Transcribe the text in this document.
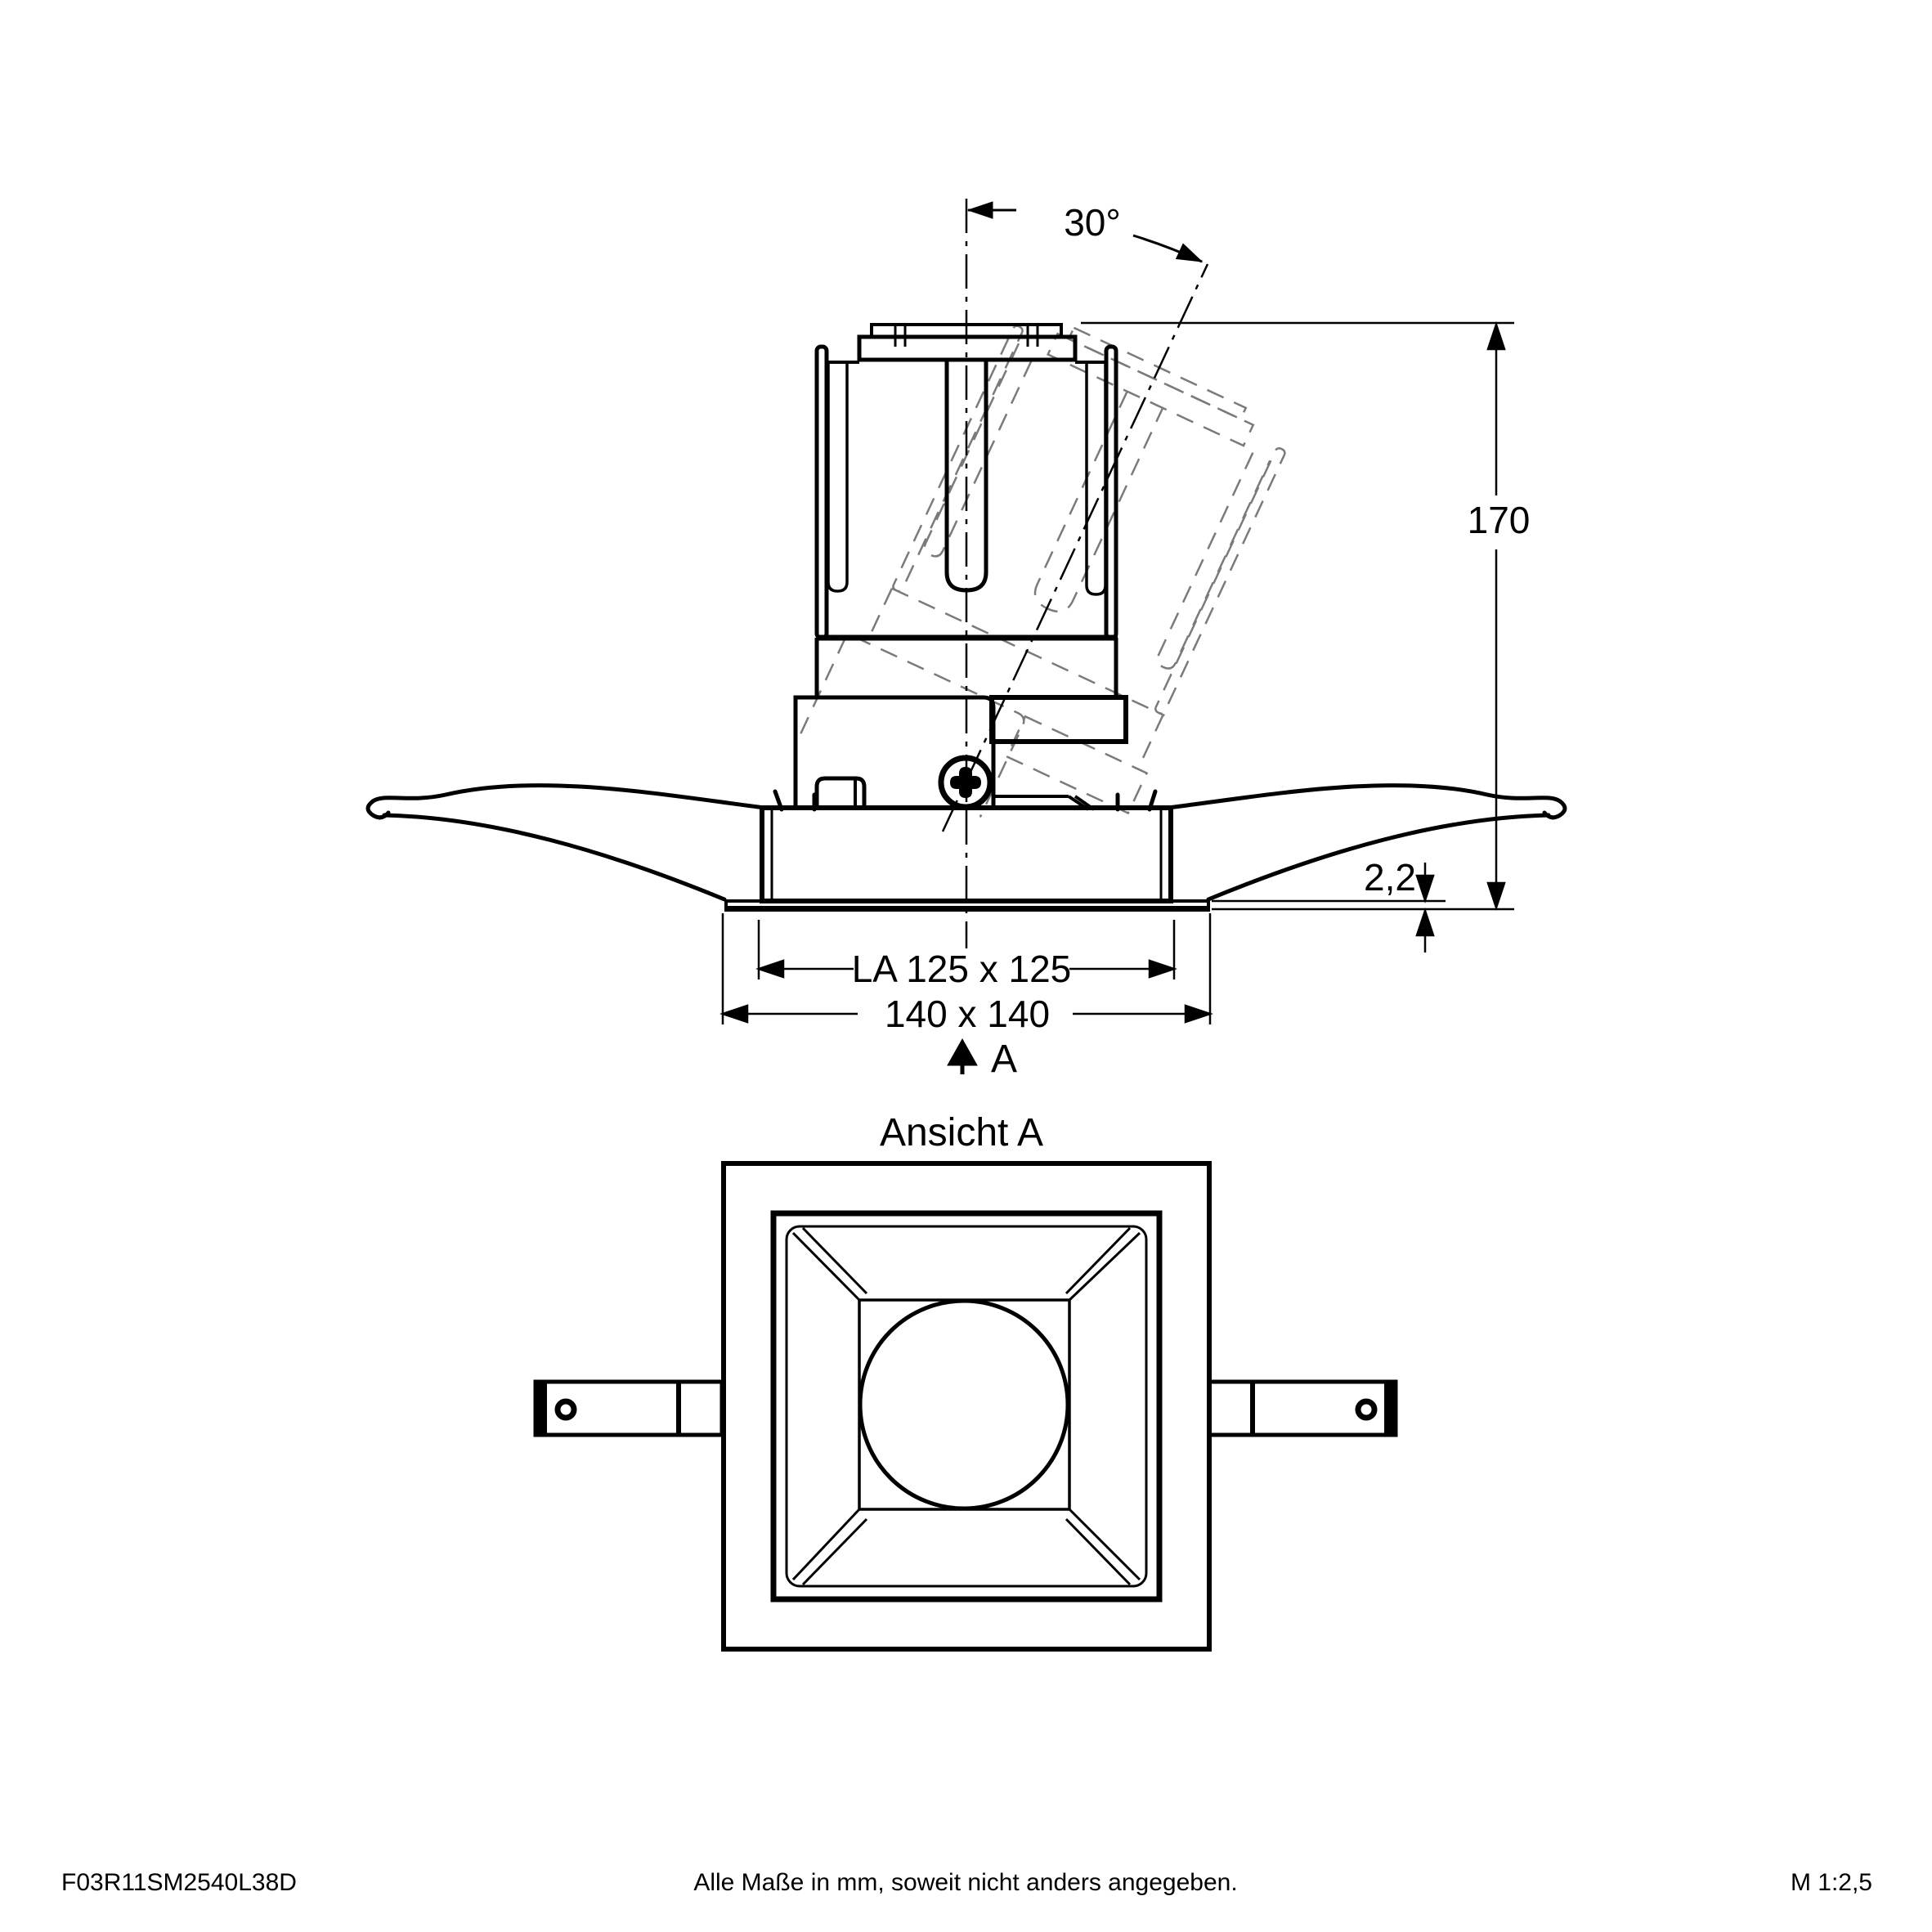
30°
170
2,2
LA 125 x 125
140 x 140
A
Ansicht A
F03R11SM2540L38D	Alle Maße in mm, soweit nicht anders angegeben.	M 1:2,5
